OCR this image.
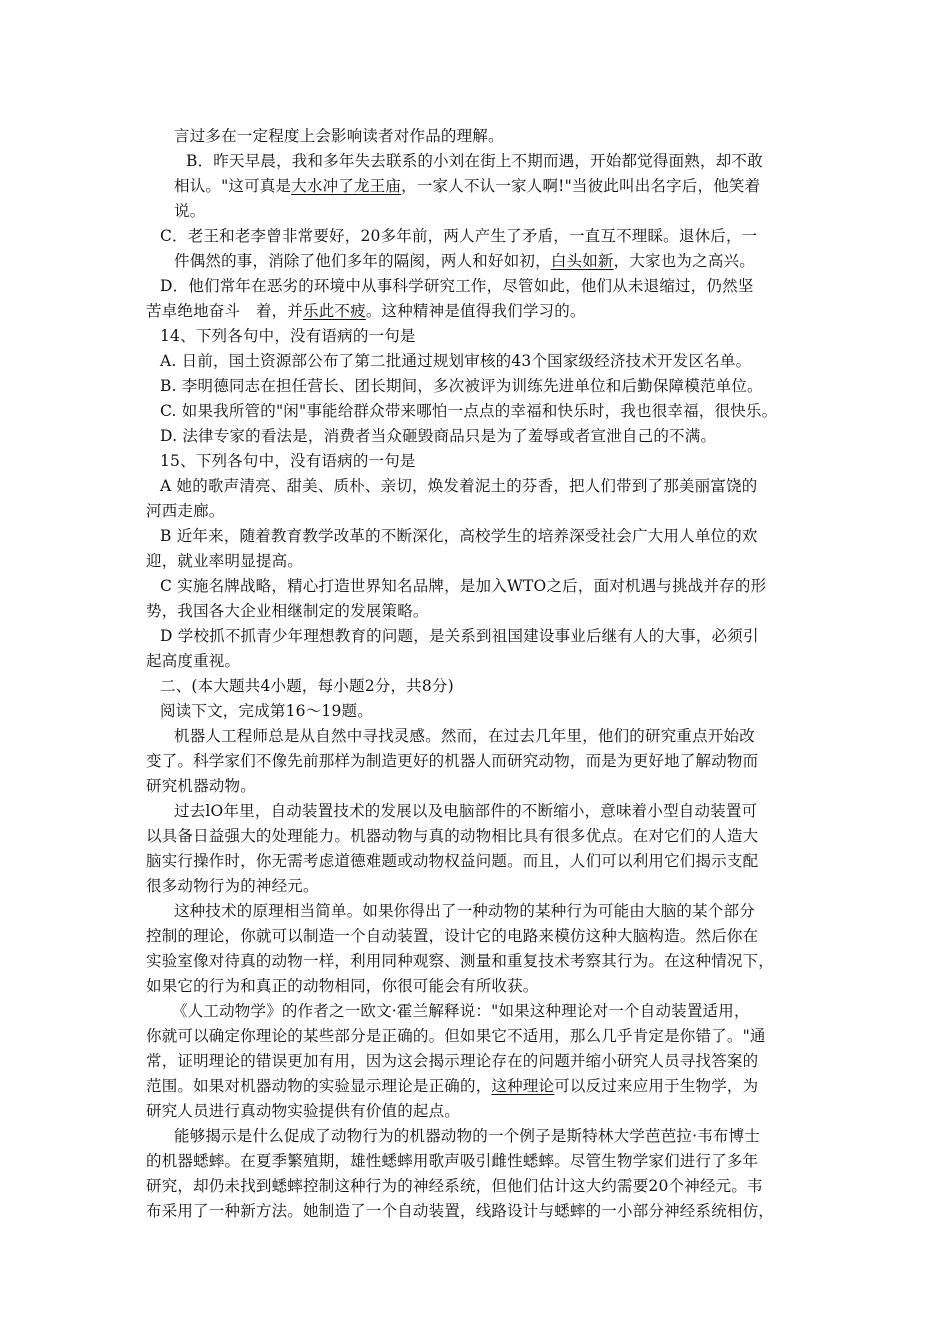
言过多在一定程度上会影响读者对作品的理解。
B．昨天早晨，我和多年失去联系的小刘在街上不期而遇，开始都觉得面熟，却不敢
相认。"这可真是大水冲了龙王庙，一家人不认一家人啊!"当彼此叫出名字后，他笑着
说。
C．老王和老李曾非常要好，20多年前，两人产生了矛盾，一直互不理睬。退休后，一
件偶然的事，消除了他们多年的隔阂，两人和好如初，白头如新，大家也为之高兴。
D．他们常年在恶劣的环境中从事科学研究工作，尽管如此，他们从未退缩过，仍然坚
苦卓绝地奋斗　着，并乐此不疲。这种精神是值得我们学习的。
14、下列各句中，没有语病的一句是
A. 日前，国土资源部公布了第二批通过规划审核的43个国家级经济技术开发区名单。
B. 李明德同志在担任营长、团长期间，多次被评为训练先进单位和后勤保障模范单位。
C. 如果我所管的"闲"事能给群众带来哪怕一点点的幸福和快乐时，我也很幸福，很快乐。
D. 法律专家的看法是，消费者当众砸毁商品只是为了羞辱或者宣泄自己的不满。
15、下列各句中，没有语病的一句是
A 她的歌声清亮、甜美、质朴、亲切，焕发着泥土的芬香，把人们带到了那美丽富饶的
河西走廊。
B 近年来，随着教育教学改革的不断深化，高校学生的培养深受社会广大用人单位的欢
迎，就业率明显提高。
C 实施名牌战略，精心打造世界知名品牌，是加入WTO之后，面对机遇与挑战并存的形
势，我国各大企业相继制定的发展策略。
D 学校抓不抓青少年理想教育的问题，是关系到祖国建设事业后继有人的大事，必须引
起高度重视。
二、(本大题共4小题，每小题2分，共8分)
阅读下文，完成第16～19题。
机器人工程师总是从自然中寻找灵感。然而，在过去几年里，他们的研究重点开始改
变了。科学家们不像先前那样为制造更好的机器人而研究动物，而是为更好地了解动物而
研究机器动物。
过去lO年里，自动装置技术的发展以及电脑部件的不断缩小，意味着小型自动装置可
以具备日益强大的处理能力。机器动物与真的动物相比具有很多优点。在对它们的人造大
脑实行操作时，你无需考虑道德难题或动物权益问题。而且，人们可以利用它们揭示支配
很多动物行为的神经元。
这种技术的原理相当简单。如果你得出了一种动物的某种行为可能由大脑的某个部分
控制的理论，你就可以制造一个自动装置，设计它的电路来模仿这种大脑构造。然后你在
实验室像对待真的动物一样，利用同种观察、测量和重复技术考察其行为。在这种情况下，
如果它的行为和真正的动物相同，你很可能会有所收获。
《人工动物学》的作者之一欧文·霍兰解释说："如果这种理论对一个自动装置适用，
你就可以确定你理论的某些部分是正确的。但如果它不适用，那么几乎肯定是你错了。"通
常，证明理论的错误更加有用，因为这会揭示理论存在的问题并缩小研究人员寻找答案的
范围。如果对机器动物的实验显示理论是正确的，这种理论可以反过来应用于生物学，为
研究人员进行真动物实验提供有价值的起点。
能够揭示是什么促成了动物行为的机器动物的一个例子是斯特林大学芭芭拉·韦布博士
的机器蟋蟀。在夏季繁殖期，雄性蟋蟀用歌声吸引雌性蟋蟀。尽管生物学家们进行了多年
研究，却仍未找到蟋蟀控制这种行为的神经系统，但他们估计这大约需要20个神经元。韦
布采用了一种新方法。她制造了一个自动装置，线路设计与蟋蟀的一小部分神经系统相仿，
